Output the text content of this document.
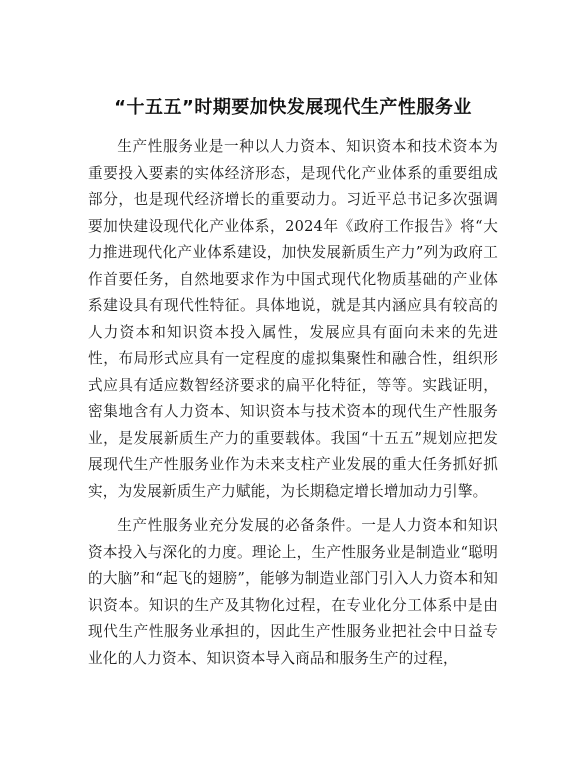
“十五五”时期要加快发展现代生产性服务业

生产性服务业是一种以人力资本、知识资本和技术资本为重要投入要素的实体经济形态，是现代化产业体系的重要组成部分，也是现代经济增长的重要动力。习近平总书记多次强调要加快建设现代化产业体系，2024年《政府工作报告》将“大力推进现代化产业体系建设，加快发展新质生产力”列为政府工作首要任务，自然地要求作为中国式现代化物质基础的产业体系建设具有现代性特征。具体地说，就是其内涵应具有较高的人力资本和知识资本投入属性，发展应具有面向未来的先进性，布局形式应具有一定程度的虚拟集聚性和融合性，组织形式应具有适应数智经济要求的扁平化特征，等等。实践证明，密集地含有人力资本、知识资本与技术资本的现代生产性服务业，是发展新质生产力的重要载体。我国“十五五”规划应把发展现代生产性服务业作为未来支柱产业发展的重大任务抓好抓实，为发展新质生产力赋能，为长期稳定增长增加动力引擎。

生产性服务业充分发展的必备条件。一是人力资本和知识资本投入与深化的力度。理论上，生产性服务业是制造业“聪明的大脑”和“起飞的翅膀”，能够为制造业部门引入人力资本和知识资本。知识的生产及其物化过程，在专业化分工体系中是由现代生产性服务业承担的，因此生产性服务业把社会中日益专业化的人力资本、知识资本导入商品和服务生产的过程，
